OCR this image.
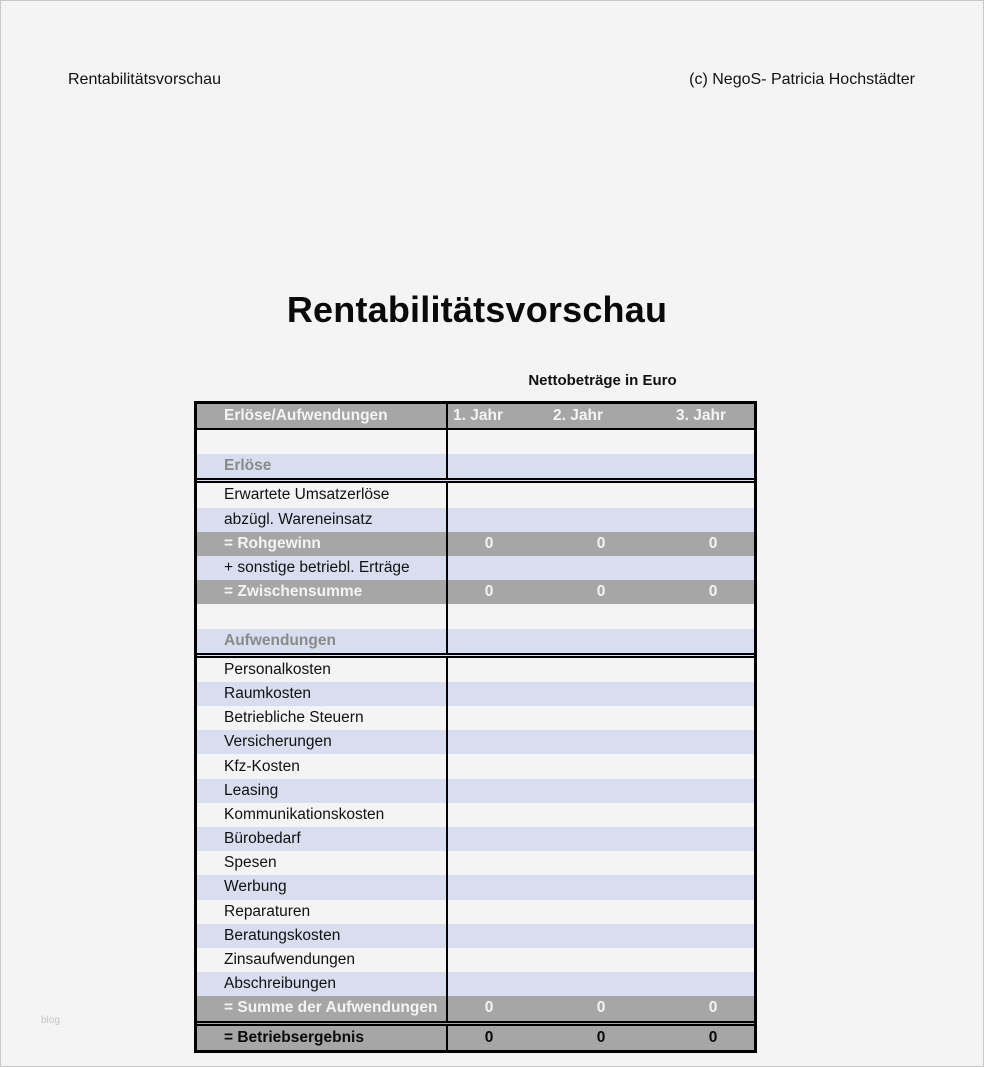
Rentabilitätsvorschau	(c) NegoS- Patricia Hochstädter
Rentabilitätsvorschau
Nettobeträge in Euro
Erlöse/Aufwendungen	1. Jahr	2. Jahr	3. Jahr
Erlöse
Erwartete Umsatzerlöse
abzügl. Wareneinsatz
= Rohgewinn	0	0	0
+ sonstige betriebl. Erträge
= Zwischensumme	0	0	0
Aufwendungen
Personalkosten
Raumkosten
Betriebliche Steuern
Versicherungen
Kfz-Kosten
Leasing
Kommunikationskosten
Bürobedarf
Spesen
Werbung
Reparaturen
Beratungskosten
Zinsaufwendungen
Abschreibungen
= Summe der Aufwendungen	0	0	0
= Betriebsergebnis	0	0	0
blog
